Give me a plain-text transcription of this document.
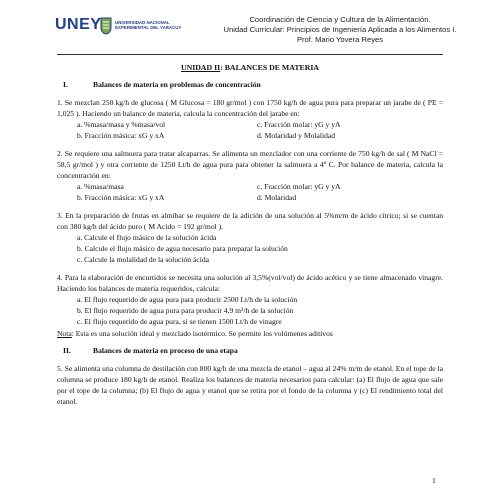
UNEY	UNIVERSIDAD NACIONAL EXPERIMENTAL DEL YARACUY
Coordinación de Ciencia y Cultura de la Alimentación.
Unidad Curricular: Principios de Ingeniería Aplicada a los Alimentos I.
Prof. Mario Yovera Reyes
UNIDAD II: BALANCES DE MATERIA
I.	Balances de materia en problemas de concentración
1. Se mezclan 250 kg/h de glucosa ( M Glucosa = 180 gr/mol ) con 1750 kg/h de agua pura para preparar un jarabe de ( PE = 1,025 ). Haciendo un balance de materia, calcula la concentración del jarabe en:
a. %masa/masa y %masa/vol	c. Fracción molar: yG y yA
b. Fracción másica: xG y xA	d. Molaridad y Molalidad
2. Se requiere una salmuera para tratar alcaparras. Se alimenta un mezclador con una corriente de 750 kg/h de sal ( M NaCl = 58,5 gr/mol ) y otra corriente de 1250 Lt/h de agua pura para obtener la salmuera a 4º C. Por balance de materia, calcula la concentración en:
a. %masa/masa	c. Fracción molar: yG y yA
b. Fracción másica: xG y xA	d. Molaridad
3. En la preparación de frutas en almíbar se requiere de la adición de una solución al 5%m/m de ácido cítrico; si se cuentan con 380 kg/h del ácido puro ( M Acido = 192 gr/mol ).
a. Calcule el flujo másico de la solución ácida
b. Calcule el flujo másico de agua necesario para preparar la solución
c. Calcule la molalidad de la solución ácida
4. Para la elaboración de encurtidos se necesita una solución al 3,5%(vol/vol) de ácido acético y se tiene almacenado vinagre. Haciendo los balances de materia requeridos, calcula:
a. El flujo requerido de agua pura para producir 2500 Lt/h de la solución
b. El flujo requerido de agua pura para producir 4,9 m³/h de la solución
c. El flujo requerido de agua pura, si se tienen 1500 Lt/h de vinagre
Nota: Esta es una solución ideal y mezclado isotérmico. Se permite los volúmenes aditivos
II.	Balances de materia en proceso de una etapa
5. Se alimenta una columna de destilación con 800 kg/h de una mezcla de etanol – agua al 24% m/m de etanol. En el tope de la columna se produce 180 kg/h de etanol. Realiza los balances de materia necesarios para calcular: (a) El flujo de agua que sale por el tope de la columna; (b) El flujo de agua y etanol que se retira por el fondo de la columna y (c) El rendimiento total del etanol.
1
